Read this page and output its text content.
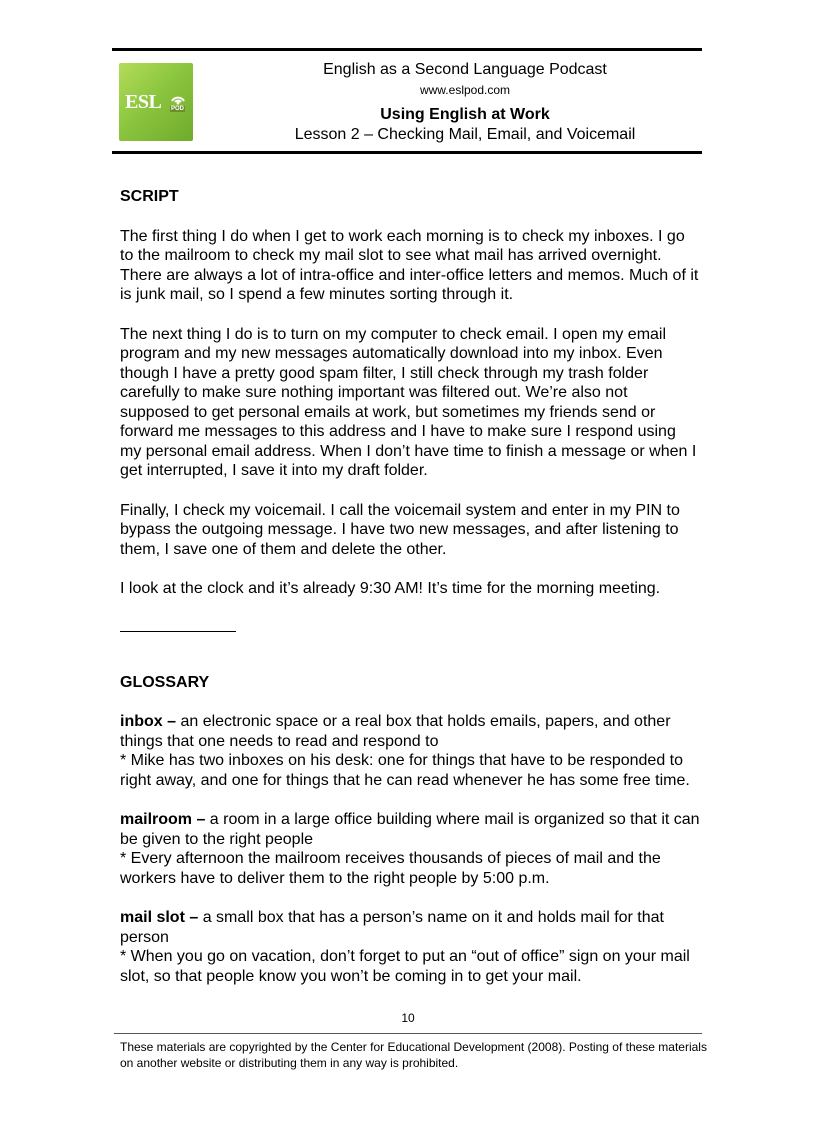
ESL POD
English as a Second Language Podcast
www.eslpod.com
Using English at Work
Lesson 2 – Checking Mail, Email, and Voicemail

SCRIPT

The first thing I do when I get to work each morning is to check my inboxes. I go to the mailroom to check my mail slot to see what mail has arrived overnight. There are always a lot of intra-office and inter-office letters and memos. Much of it is junk mail, so I spend a few minutes sorting through it.

The next thing I do is to turn on my computer to check email. I open my email program and my new messages automatically download into my inbox. Even though I have a pretty good spam filter, I still check through my trash folder carefully to make sure nothing important was filtered out. We’re also not supposed to get personal emails at work, but sometimes my friends send or forward me messages to this address and I have to make sure I respond using my personal email address. When I don’t have time to finish a message or when I get interrupted, I save it into my draft folder.

Finally, I check my voicemail. I call the voicemail system and enter in my PIN to bypass the outgoing message. I have two new messages, and after listening to them, I save one of them and delete the other.

I look at the clock and it’s already 9:30 AM! It’s time for the morning meeting.

GLOSSARY

inbox – an electronic space or a real box that holds emails, papers, and other things that one needs to read and respond to

* Mike has two inboxes on his desk: one for things that have to be responded to right away, and one for things that he can read whenever he has some free time.

mailroom – a room in a large office building where mail is organized so that it can be given to the right people

* Every afternoon the mailroom receives thousands of pieces of mail and the workers have to deliver them to the right people by 5:00 p.m.

mail slot – a small box that has a person’s name on it and holds mail for that person

* When you go on vacation, don’t forget to put an “out of office” sign on your mail slot, so that people know you won’t be coming in to get your mail.

10
These materials are copyrighted by the Center for Educational Development (2008). Posting of these materials on another website or distributing them in any way is prohibited.
